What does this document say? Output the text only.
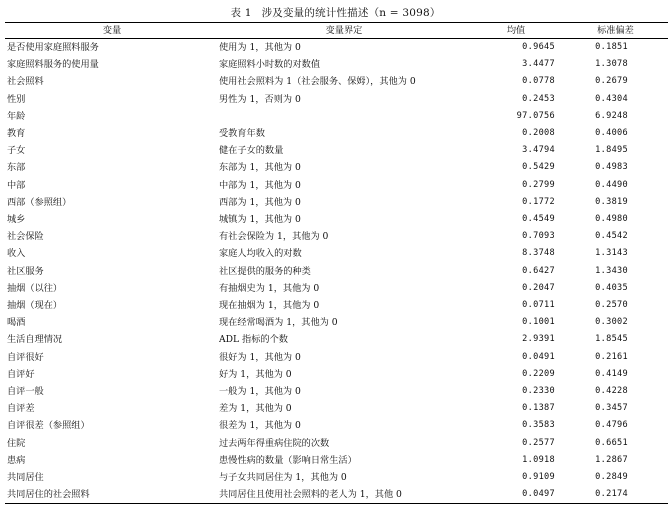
表 1 涉及变量的统计性描述（n = 3098）
变量	变量界定	均值	标准偏差
是否使用家庭照料服务	使用为 1，其他为 0	0.9645	0.1851
家庭照料服务的使用量	家庭照料小时数的对数值	3.4477	1.3078
社会照料	使用社会照料为 1（社会服务、保姆），其他为 0	0.0778	0.2679
性别	男性为 1，否则为 0	0.2453	0.4304
年龄		97.0756	6.9248
教育	受教育年数	0.2008	0.4006
子女	健在子女的数量	3.4794	1.8495
东部	东部为 1，其他为 0	0.5429	0.4983
中部	中部为 1，其他为 0	0.2799	0.4490
西部（参照组）	西部为 1，其他为 0	0.1772	0.3819
城乡	城镇为 1，其他为 0	0.4549	0.4980
社会保险	有社会保险为 1，其他为 0	0.7093	0.4542
收入	家庭人均收入的对数	8.3748	1.3143
社区服务	社区提供的服务的种类	0.6427	1.3430
抽烟（以往）	有抽烟史为 1，其他为 0	0.2047	0.4035
抽烟（现在）	现在抽烟为 1，其他为 0	0.0711	0.2570
喝酒	现在经常喝酒为 1，其他为 0	0.1001	0.3002
生活自理情况	ADL 指标的个数	2.9391	1.8545
自评很好	很好为 1，其他为 0	0.0491	0.2161
自评好	好为 1，其他为 0	0.2209	0.4149
自评一般	一般为 1，其他为 0	0.2330	0.4228
自评差	差为 1，其他为 0	0.1387	0.3457
自评很差（参照组）	很差为 1，其他为 0	0.3583	0.4796
住院	过去两年得重病住院的次数	0.2577	0.6651
患病	患慢性病的数量（影响日常生活）	1.0918	1.2867
共同居住	与子女共同居住为 1，其他为 0	0.9109	0.2849
共同居住的社会照料	共同居住且使用社会照料的老人为 1，其他 0	0.0497	0.2174
